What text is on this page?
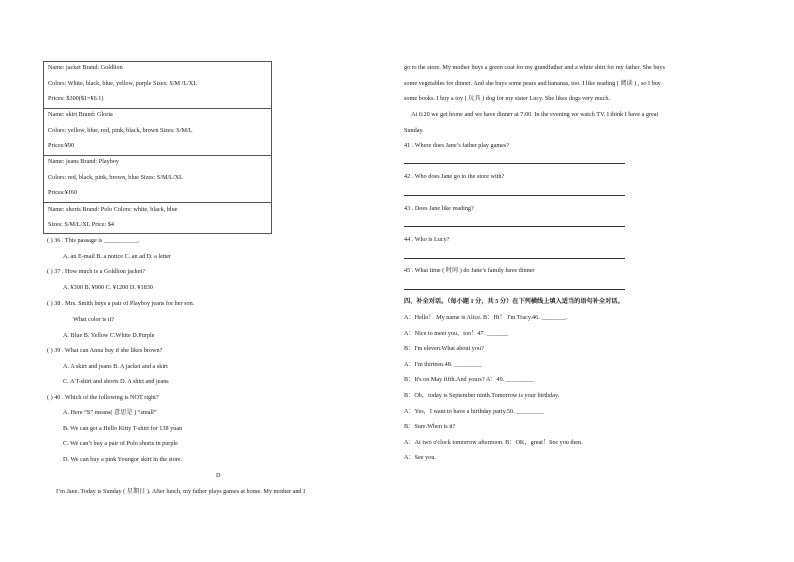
Name: jacket Brand: Goldlion
Colors: White, black, blue, yellow, purple Sizes: S/M /L/XL
Prices: $300($1=¥6.1)
Name: skirt Brand: Gloria
Colors: yellow, blue, red, pink, black, brown Sizes: S/M/L
Prices:¥90
Name: jeans Brand: Playboy
Colors: red, black, pink, brown, blue Sizes: S/M/L/XL
Prices:¥160
Name: shorts Brand: Polo Colors: white, black, blue
Sizes: S/M/L/XL Price: $4
( ) 36 . This passage is ___________.
A. an E-mail B. a notice C. an ad D. a letter
( ) 37 . How much is a Goldlion jacket?
A. ¥300 B. ¥900 C. ¥1200 D. ¥1830
( ) 38 . Mrs. Smith buys a pair of Playboy jeans for her son.
What color is it?
A. Blue B. Yellow C.White D.Purple
( ) 39 . What can Anna buy if she likes brown?
A. A skirt and jeans B. A jacket and a skirt
C. A T-shirt and shorts D. A shirt and jeans
( ) 40 . Which of the following is NOT right?
A. Here “S” means( 意思是 ) “small”
B. We can get a Hello Kitty T-shirt for 138 yuan
C. We can’t buy a pair of Polo shorts in purple
D. We can buy a pink Youngor skirt in the store.
D
I’m Jane. Today is Sunday ( 星期日 ). After lunch, my father plays games at home. My mother and I
go to the store. My mother buys a green coat for my grandfather and a white shirt for my father. She buys
some vegetables for dinner. And she buys some pears and bananas, too. I like reading ( 阅读 ) , so I buy
some books. I buy a toy ( 玩具 ) dog for my sister Lucy. She likes dogs very much.
At 6:20 we get home and we have dinner at 7:00. In the evening we watch TV. I think I have a great
Sunday.
41 . Where does Jane’s father play games?
42 . Who does Jane go to the store with?
43 . Does Jane like reading?
44 . Who is Lucy?
45 . What time ( 时间 ) do Jane’s family have dinner
四、补全对话。（每小题 1 分，共 5 分）在下列横线上填入适当的语句补全对话。
A：Hello！ My name is Alice. B：Hi！ I'm Tracy.46. ________.
A：Nice to meet you，too！47. _______
B：I'm eleven.What about you?
A：I'm thirteen.48. _________
B：It's on May fifth.And yours? A：49. _________
B：Oh，today is September ninth.Tomorrow is your birthday.
A：Yes，I want to have a birthday party.50. _________
B：Sure.When is it?
A：At two o'clock tomorrow afternoon. B：OK，great！See you then.
A：See you.
